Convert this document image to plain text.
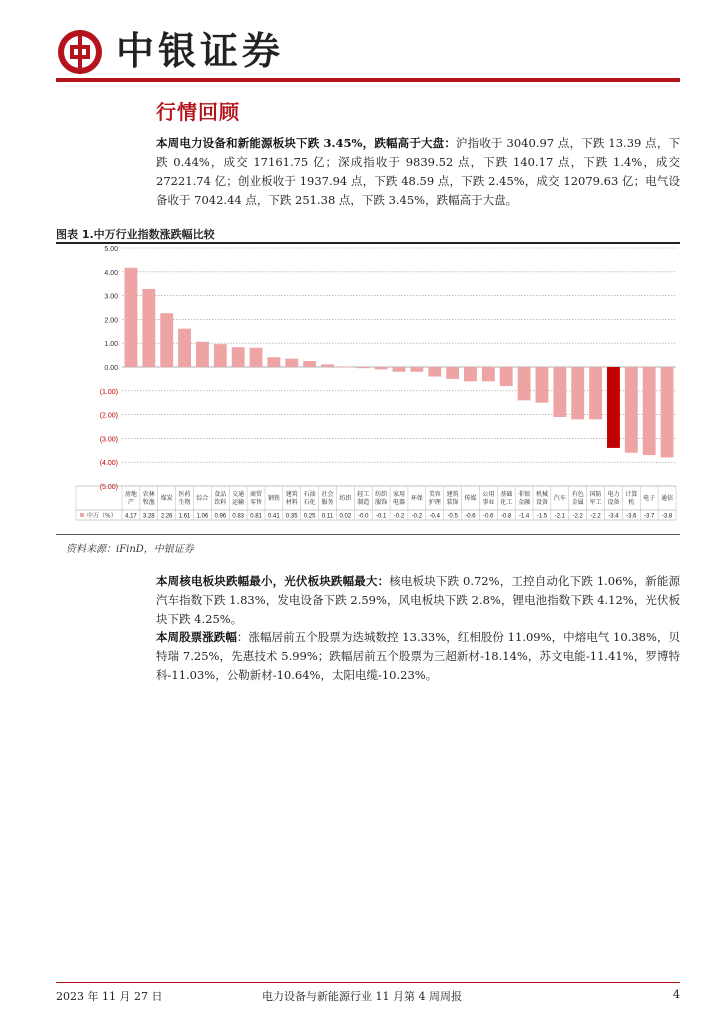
中银证券
行情回顾
本周电力设备和新能源板块下跌 3.45%，跌幅高于大盘：沪指收于 3040.97 点，下跌 13.39 点，下跌 0.44%，成交 17161.75 亿；深成指收于 9839.52 点，下跌 140.17 点，下跌 1.4%，成交 27221.74 亿；创业板收于 1937.94 点，下跌 48.59 点，下跌 2.45%，成交 12079.63 亿；电气设备收于 7042.44 点，下跌 251.38 点，下跌 3.45%，跌幅高于大盘。
图表 1.中万行业指数涨跌幅比较
5.00
4.00
3.00
2.00
1.00
0.00
(1.00)
(2.00)
(3.00)
(4.00)
(5.00)
中万（%）
房地
产
4.17
农林
牧渔
3.28
煤炭
2.26
医药
生物
1.61
综合
1.06
食品
饮料
0.96
交通
运输
0.83
商贸
零售
0.81
钢铁
0.41
建筑
材料
0.35
石油
石化
0.25
社会
服务
0.11
纺织
0.02
轻工
制造
-0.0
纺织
服饰
-0.1
家用
电器
-0.2
环保
-0.2
美容
护理
-0.4
建筑
装饰
-0.5
传媒
-0.6
公用
事业
-0.6
基础
化工
-0.8
非银
金融
-1.4
机械
设备
-1.5
汽车
-2.1
有色
金属
-2.2
国防
军工
-2.2
电力
设备
-3.4
计算
机
-3.6
电子
-3.7
通信
-3.8
资料来源：iFinD，中银证券
本周核电板块跌幅最小，光伏板块跌幅最大：核电板块下跌 0.72%，工控自动化下跌 1.06%，新能源汽车指数下跌 1.83%，发电设备下跌 2.59%，风电板块下跌 2.8%，锂电池指数下跌 4.12%，光伏板块下跌 4.25%。
本周股票涨跌幅：涨幅居前五个股票为迭城数控 13.33%，红相股份 11.09%，中熔电气 10.38%，贝特瑞 7.25%，先惠技术 5.99%；跌幅居前五个股票为三超新材-18.14%，苏文电能-11.41%，罗博特科-11.03%，公勒新材-10.64%，太阳电缆-10.23%。
2023 年 11 月 27 日	电力设备与新能源行业 11 月第 4 周周报	4
